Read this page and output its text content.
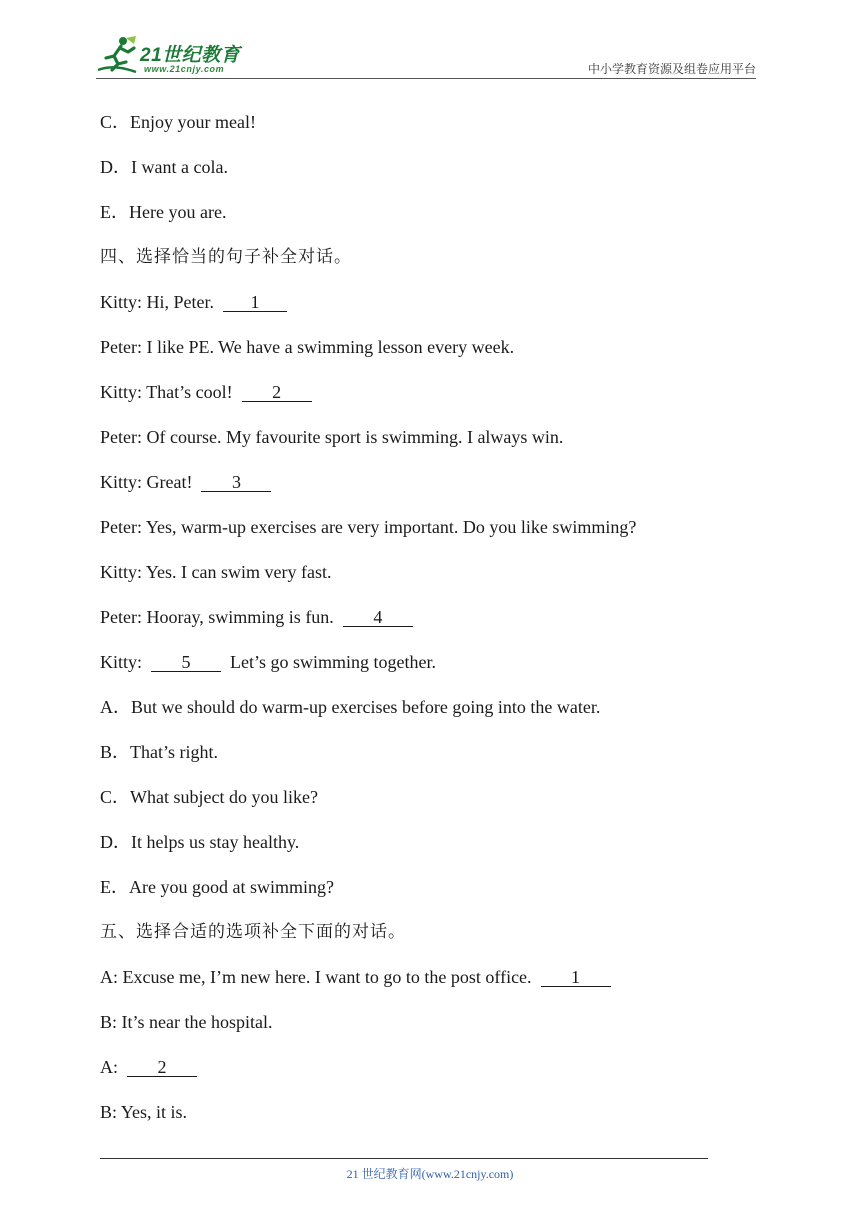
21世纪教育
www.21cnjy.com	中小学教育资源及组卷应用平台
C．Enjoy your meal!
D．I want a cola.
E．Here you are.
四、选择恰当的句子补全对话。
Kitty: Hi, Peter.  1
Peter: I like PE. We have a swimming lesson every week.
Kitty: That’s cool!  2
Peter: Of course. My favourite sport is swimming. I always win.
Kitty: Great!  3
Peter: Yes, warm-up exercises are very important. Do you like swimming?
Kitty: Yes. I can swim very fast.
Peter: Hooray, swimming is fun.  4
Kitty:  5  Let’s go swimming together.
A．But we should do warm-up exercises before going into the water.
B．That’s right.
C．What subject do you like?
D．It helps us stay healthy.
E．Are you good at swimming?
五、选择合适的选项补全下面的对话。
A: Excuse me, I’m new here. I want to go to the post office.  1
B: It’s near the hospital.
A:  2
B: Yes, it is.
21 世纪教育网(www.21cnjy.com)
